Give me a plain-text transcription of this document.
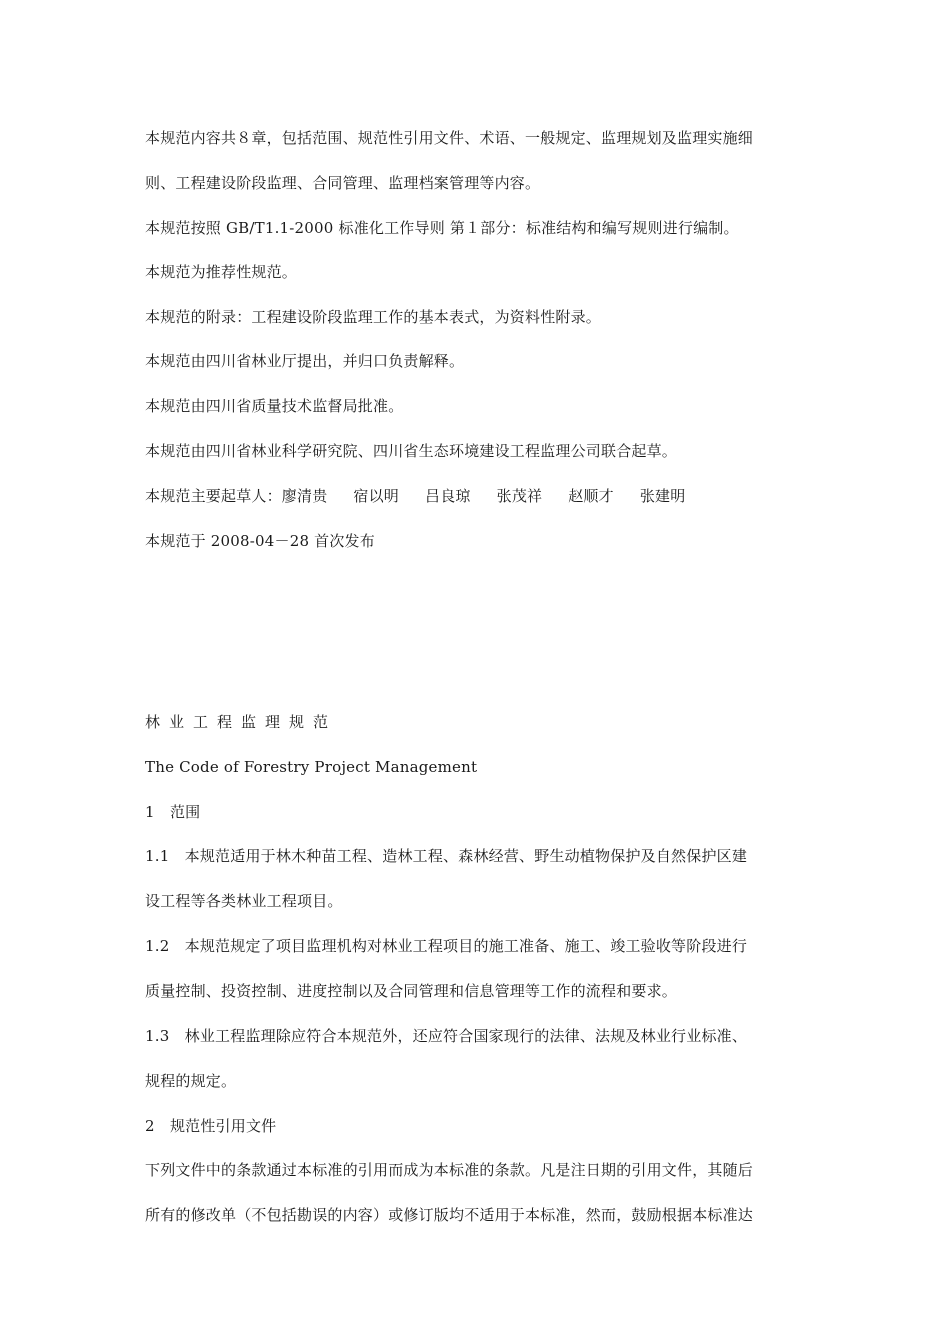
本规范内容共８章，包括范围、规范性引用文件、术语、一般规定、监理规划及监理实施细

则、工程建设阶段监理、合同管理、监理档案管理等内容。

本规范按照 GB/T1.1-2000 标准化工作导则 第１部分：标准结构和编写规则进行编制。

本规范为推荐性规范。

本规范的附录：工程建设阶段监理工作的基本表式，为资料性附录。

本规范由四川省林业厅提出，并归口负责解释。

本规范由四川省质量技术监督局批准。

本规范由四川省林业科学研究院、四川省生态环境建设工程监理公司联合起草。

本规范主要起草人：廖清贵 宿以明 吕良琼 张茂祥 赵顺才 张建明

本规范于 2008-04－28 首次发布

林业工程监理规范

The Code of Forestry Project Management

1　范围

1.1　本规范适用于林木种苗工程、造林工程、森林经营、野生动植物保护及自然保护区建

设工程等各类林业工程项目。

1.2　本规范规定了项目监理机构对林业工程项目的施工准备、施工、竣工验收等阶段进行

质量控制、投资控制、进度控制以及合同管理和信息管理等工作的流程和要求。

1.3　林业工程监理除应符合本规范外，还应符合国家现行的法律、法规及林业行业标准、

规程的规定。

2　规范性引用文件

下列文件中的条款通过本标准的引用而成为本标准的条款。凡是注日期的引用文件，其随后

所有的修改单（不包括勘误的内容）或修订版均不适用于本标准，然而，鼓励根据本标准达
